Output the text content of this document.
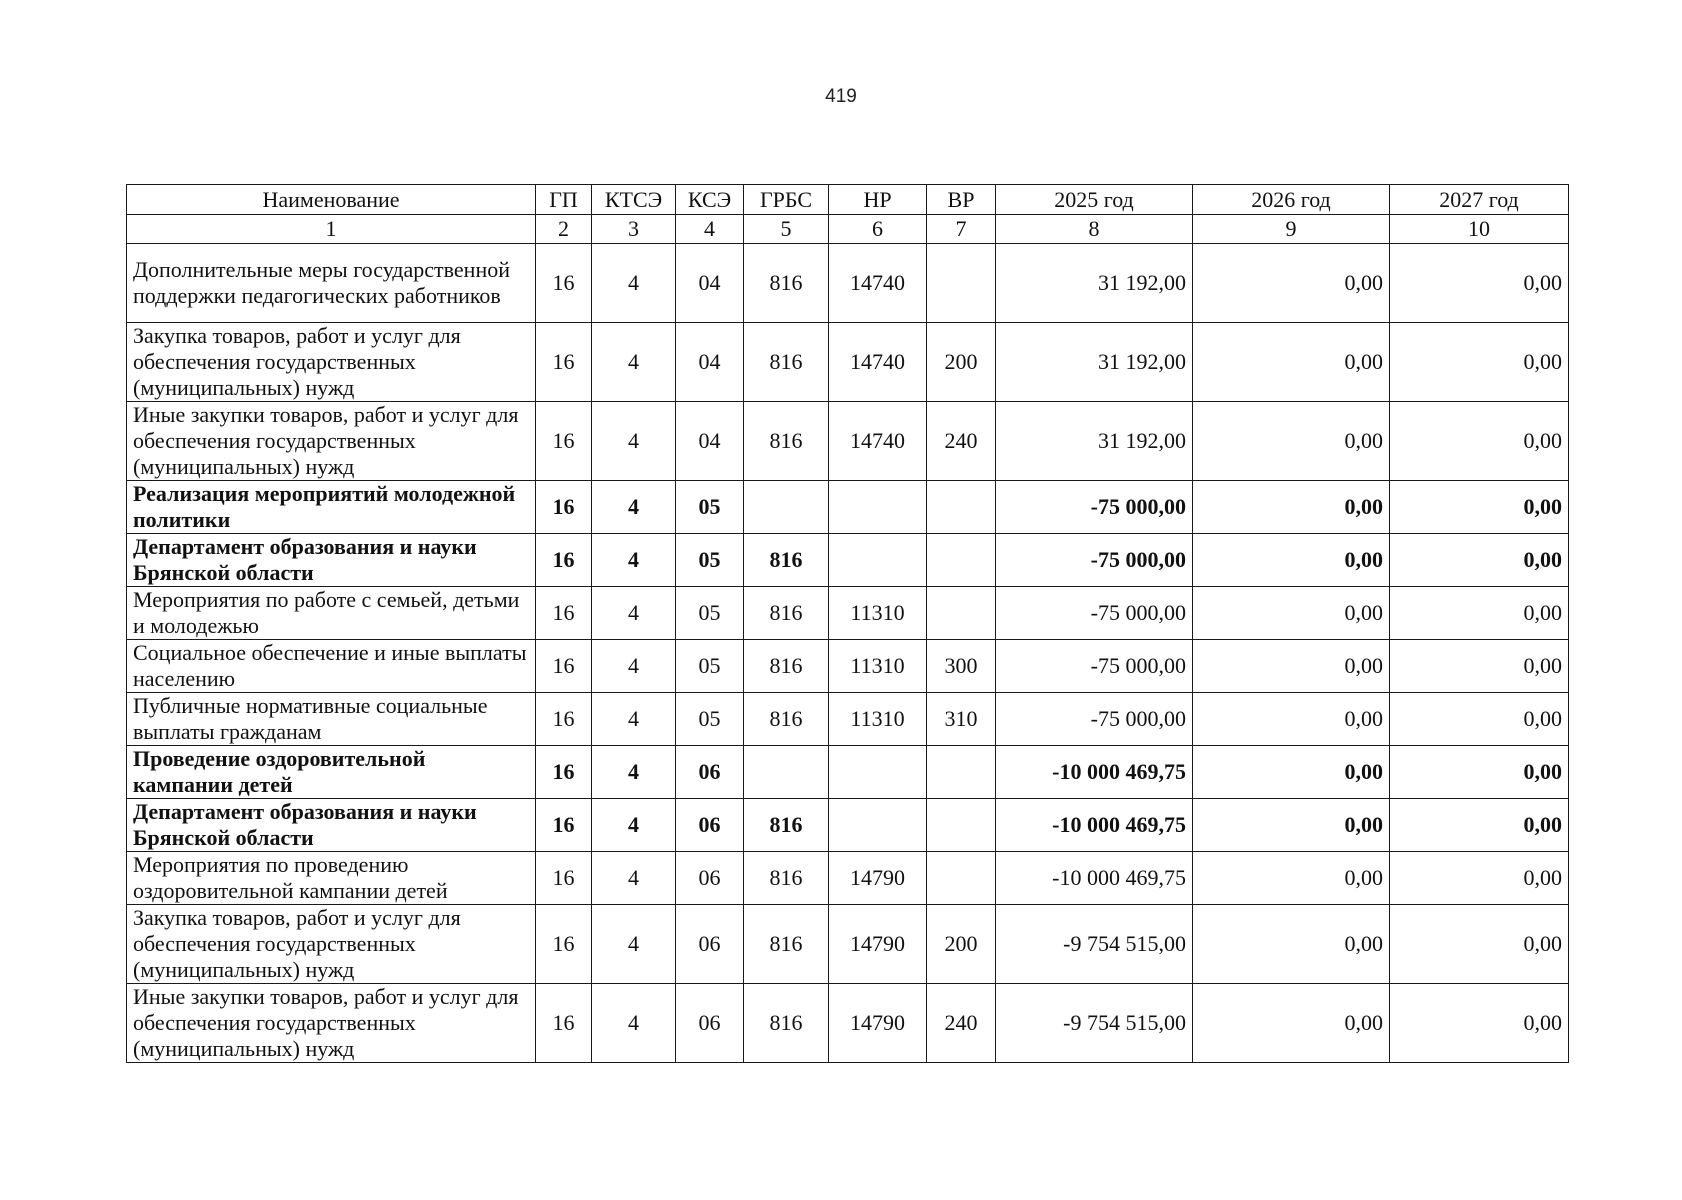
419
Наименование	ГП	КТСЭ	КСЭ	ГРБС	НР	ВР	2025 год	2026 год	2027 год
1	2	3	4	5	6	7	8	9	10
Дополнительные меры государственной поддержки педагогических работников	16	4	04	816	14740		31 192,00	0,00	0,00
Закупка товаров, работ и услуг для обеспечения государственных (муниципальных) нужд	16	4	04	816	14740	200	31 192,00	0,00	0,00
Иные закупки товаров, работ и услуг для обеспечения государственных (муниципальных) нужд	16	4	04	816	14740	240	31 192,00	0,00	0,00
Реализация мероприятий молодежной политики	16	4	05				-75 000,00	0,00	0,00
Департамент образования и науки Брянской области	16	4	05	816			-75 000,00	0,00	0,00
Мероприятия по работе с семьей, детьми и молодежью	16	4	05	816	11310		-75 000,00	0,00	0,00
Социальное обеспечение и иные выплаты населению	16	4	05	816	11310	300	-75 000,00	0,00	0,00
Публичные нормативные социальные выплаты гражданам	16	4	05	816	11310	310	-75 000,00	0,00	0,00
Проведение оздоровительной кампании детей	16	4	06				-10 000 469,75	0,00	0,00
Департамент образования и науки Брянской области	16	4	06	816			-10 000 469,75	0,00	0,00
Мероприятия по проведению оздоровительной кампании детей	16	4	06	816	14790		-10 000 469,75	0,00	0,00
Закупка товаров, работ и услуг для обеспечения государственных (муниципальных) нужд	16	4	06	816	14790	200	-9 754 515,00	0,00	0,00
Иные закупки товаров, работ и услуг для обеспечения государственных (муниципальных) нужд	16	4	06	816	14790	240	-9 754 515,00	0,00	0,00
